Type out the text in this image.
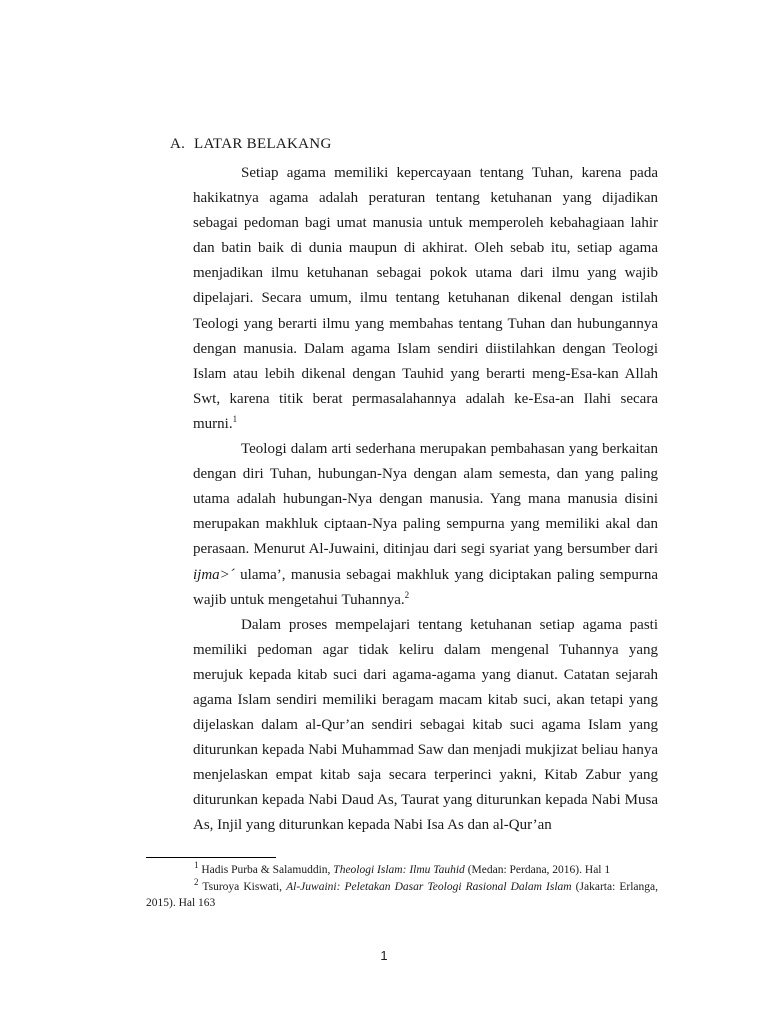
A. LATAR BELAKANG

Setiap agama memiliki kepercayaan tentang Tuhan, karena pada hakikatnya agama adalah peraturan tentang ketuhanan yang dijadikan sebagai pedoman bagi umat manusia untuk memperoleh kebahagiaan lahir dan batin baik di dunia maupun di akhirat. Oleh sebab itu, setiap agama menjadikan ilmu ketuhanan sebagai pokok utama dari ilmu yang wajib dipelajari. Secara umum, ilmu tentang ketuhanan dikenal dengan istilah Teologi yang berarti ilmu yang membahas tentang Tuhan dan hubungannya dengan manusia. Dalam agama Islam sendiri diistilahkan dengan Teologi Islam atau lebih dikenal dengan Tauhid yang berarti meng-Esa-kan Allah Swt, karena titik berat permasalahannya adalah ke-Esa-an Ilahi secara murni.$^1$

Teologi dalam arti sederhana merupakan pembahasan yang berkaitan dengan diri Tuhan, hubungan-Nya dengan alam semesta, dan yang paling utama adalah hubungan-Nya dengan manusia. Yang mana manusia disini merupakan makhluk ciptaan-Nya paling sempurna yang memiliki akal dan perasaan. Menurut Al-Juwaini, ditinjau dari segi syariat yang bersumber dari ijma>´ ulama’, manusia sebagai makhluk yang diciptakan paling sempurna wajib untuk mengetahui Tuhannya.$^2$

Dalam proses mempelajari tentang ketuhanan setiap agama pasti memiliki pedoman agar tidak keliru dalam mengenal Tuhannya yang merujuk kepada kitab suci dari agama-agama yang dianut. Catatan sejarah agama Islam sendiri memiliki beragam macam kitab suci, akan tetapi yang dijelaskan dalam al-Qur’an sendiri sebagai kitab suci agama Islam yang diturunkan kepada Nabi Muhammad Saw dan menjadi mukjizat beliau hanya menjelaskan empat kitab saja secara terperinci yakni, Kitab Zabur yang diturunkan kepada Nabi Daud As, Taurat yang diturunkan kepada Nabi Musa As, Injil yang diturunkan kepada Nabi Isa As dan al-Qur’an

$^1$ Hadis Purba & Salamuddin, Theologi Islam: Ilmu Tauhid (Medan: Perdana, 2016). Hal 1

$^2$ Tsuroya Kiswati, Al-Juwaini: Peletakan Dasar Teologi Rasional Dalam Islam (Jakarta: Erlanga, 2015). Hal 163

1
